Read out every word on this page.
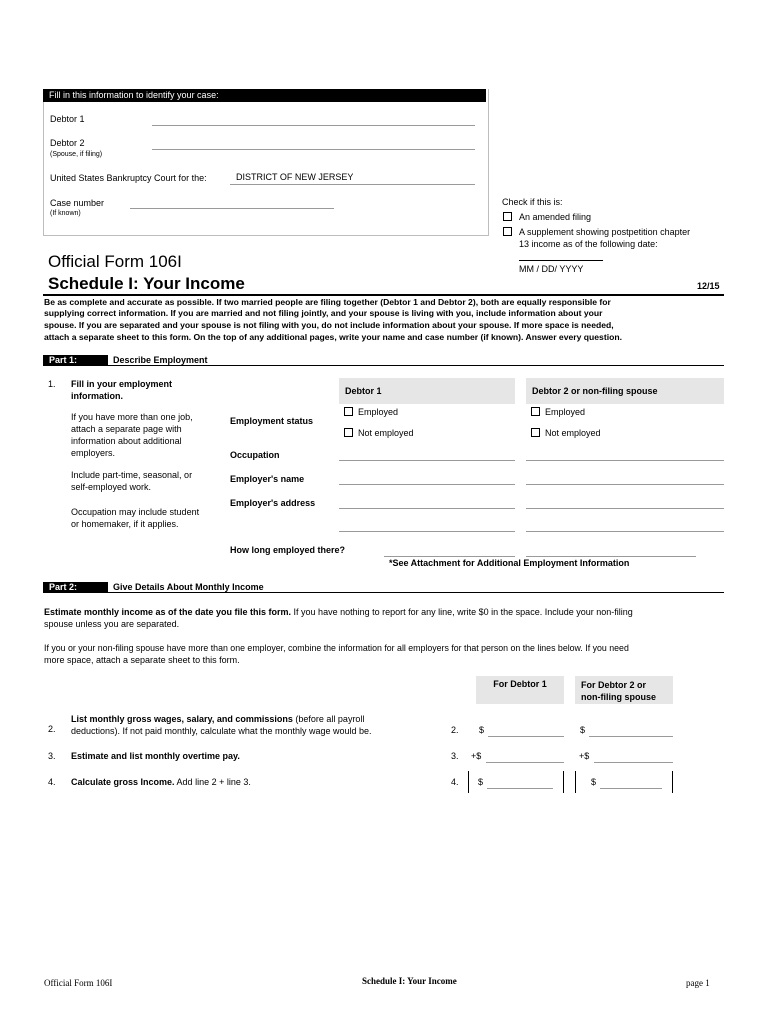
Fill in this information to identify your case:
Debtor 1
Debtor 2
(Spouse, if filing)
United States Bankruptcy Court for the:	DISTRICT OF NEW JERSEY
Case number
(If known)
Check if this is:
An amended filing
A supplement showing postpetition chapter
13 income as of the following date:
MM / DD/ YYYY
Official Form 106I
Schedule I: Your Income	12/15
Be as complete and accurate as possible. If two married people are filing together (Debtor 1 and Debtor 2), both are equally responsible for
supplying correct information. If you are married and not filing jointly, and your spouse is living with you, include information about your
spouse. If you are separated and your spouse is not filing with you, do not include information about your spouse. If more space is needed,
attach a separate sheet to this form. On the top of any additional pages, write your name and case number (if known). Answer every question.
Part 1:	Describe Employment
1. Fill in your employment
information.
If you have more than one job,
attach a separate page with
information about additional
employers.
Include part-time, seasonal, or
self-employed work.
Occupation may include student
or homemaker, if it applies.
Debtor 1	Debtor 2 or non-filing spouse
Employment status
Employed
Not employed
Employed
Not employed
Occupation
Employer's name
Employer's address
How long employed there?
*See Attachment for Additional Employment Information
Part 2:	Give Details About Monthly Income
Estimate monthly income as of the date you file this form. If you have nothing to report for any line, write $0 in the space. Include your non-filing
spouse unless you are separated.
If you or your non-filing spouse have more than one employer, combine the information for all employers for that person on the lines below. If you need
more space, attach a separate sheet to this form.
For Debtor 1	For Debtor 2 or
non-filing spouse
2.
List monthly gross wages, salary, and commissions (before all payroll
deductions). If not paid monthly, calculate what the monthly wage would be.	2. $	$
3. Estimate and list monthly overtime pay.	3. +$	+$
4. Calculate gross Income. Add line 2 + line 3.	4. $	$
Official Form 106I	Schedule I: Your Income	page 1
